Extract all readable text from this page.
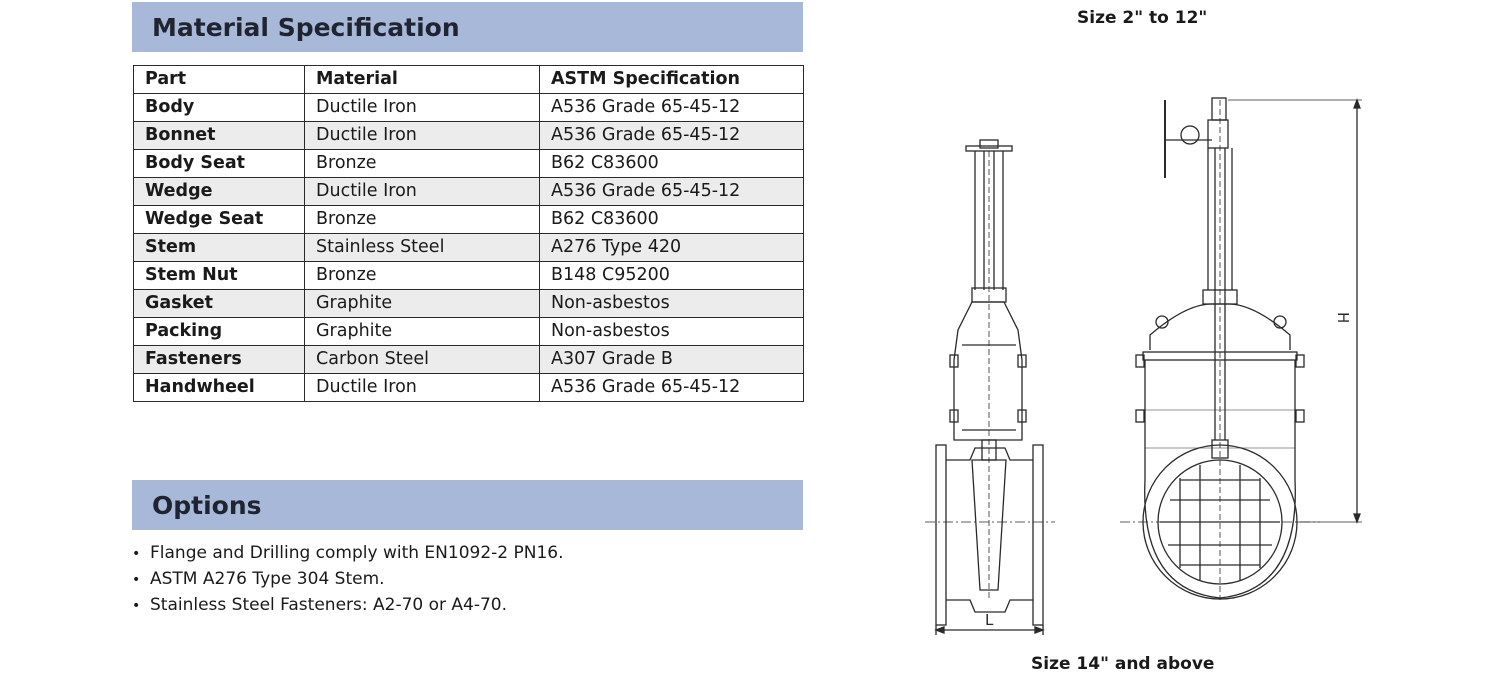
Material Specification
Part	Material	ASTM Specification
Body	Ductile Iron	A536 Grade 65-45-12
Bonnet	Ductile Iron	A536 Grade 65-45-12
Body Seat	Bronze	B62 C83600
Wedge	Ductile Iron	A536 Grade 65-45-12
Wedge Seat	Bronze	B62 C83600
Stem	Stainless Steel	A276 Type 420
Stem Nut	Bronze	B148 C95200
Gasket	Graphite	Non-asbestos
Packing	Graphite	Non-asbestos
Fasteners	Carbon Steel	A307 Grade B
Handwheel	Ductile Iron	A536 Grade 65-45-12
Options
• Flange and Drilling comply with EN1092-2 PN16.
• ASTM A276 Type 304 Stem.
• Stainless Steel Fasteners: A2-70 or A4-70.
Size 2" to 12"
Size 14" and above
L
H
